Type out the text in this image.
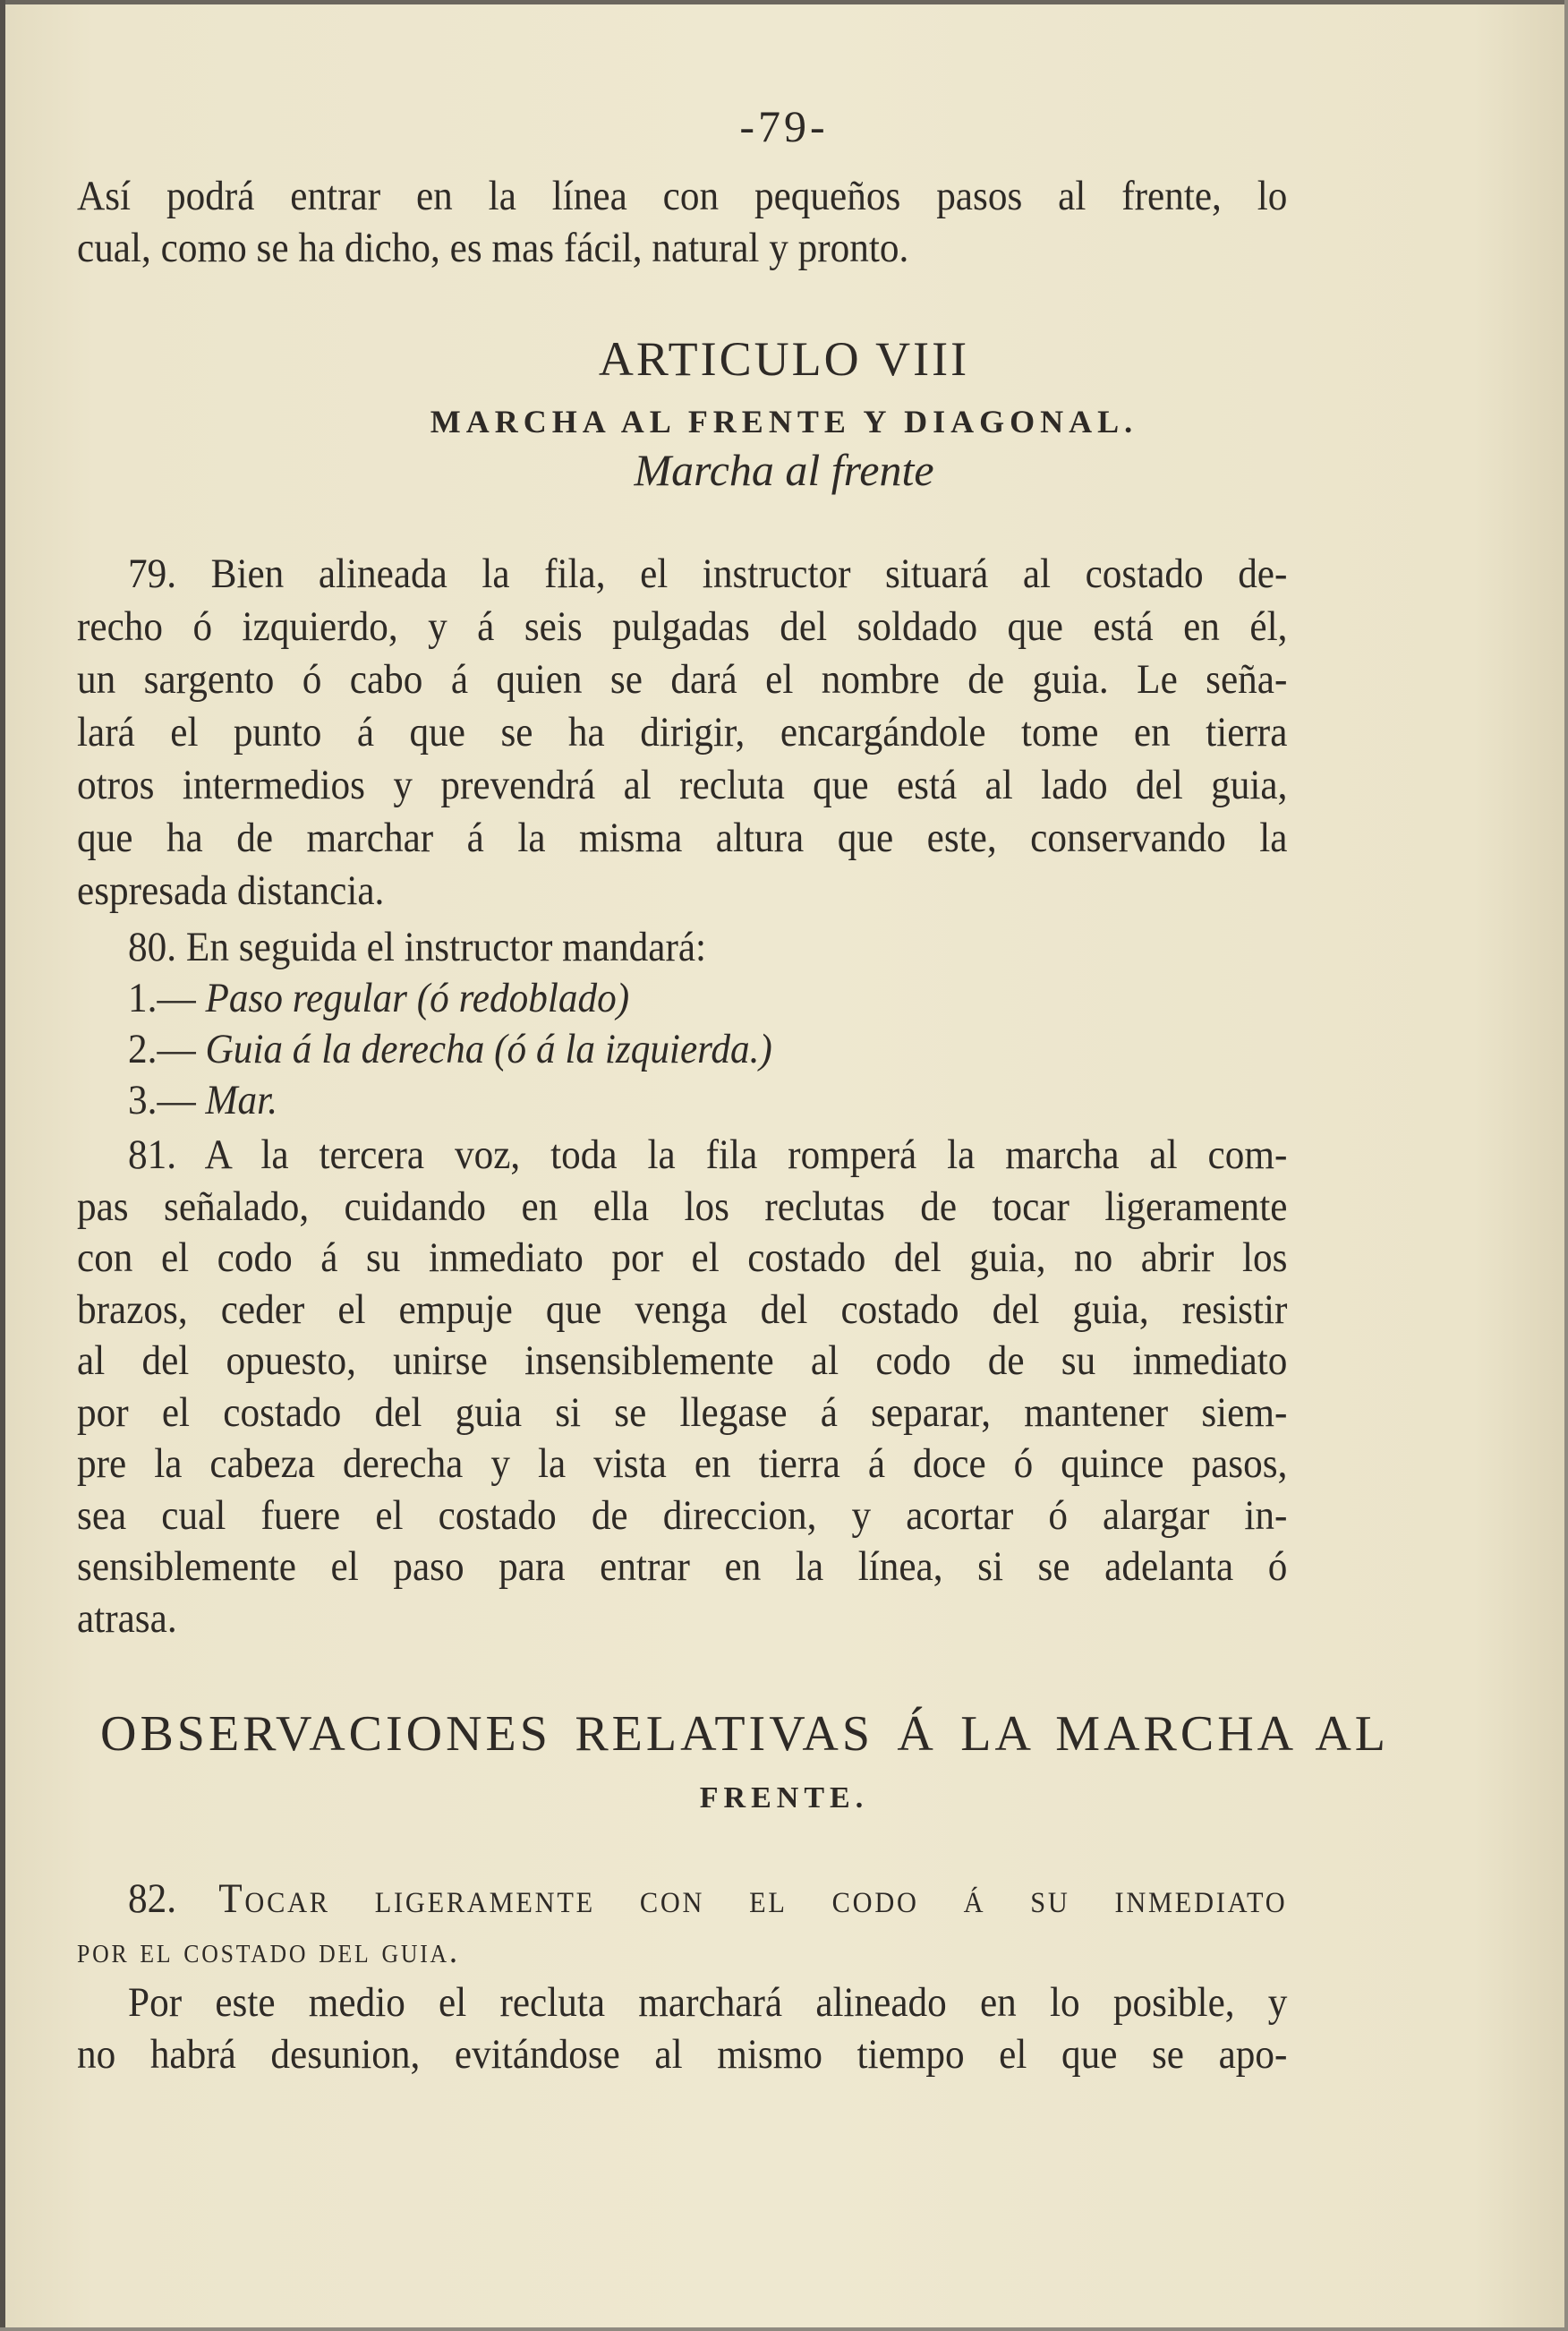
-79-
Así podrá entrar en la línea con pequeños pasos al frente, lo
cual, como se ha dicho, es mas fácil, natural y pronto.
ARTICULO VIII
MARCHA AL FRENTE Y DIAGONAL.
Marcha al frente
79. Bien alineada la fila, el instructor situará al costado de-
recho ó izquierdo, y á seis pulgadas del soldado que está en él,
un sargento ó cabo á quien se dará el nombre de guia. Le seña-
lará el punto á que se ha dirigir, encargándole tome en tierra
otros intermedios y prevendrá al recluta que está al lado del guia,
que ha de marchar á la misma altura que este, conservando la
espresada distancia.
80. En seguida el instructor mandará:
1.— Paso regular (ó redoblado)
2.— Guia á la derecha (ó á la izquierda.)
3.— Mar.
81. A la tercera voz, toda la fila romperá la marcha al com-
pas señalado, cuidando en ella los reclutas de tocar ligeramente
con el codo á su inmediato por el costado del guia, no abrir los
brazos, ceder el empuje que venga del costado del guia, resistir
al del opuesto, unirse insensiblemente al codo de su inmediato
por el costado del guia si se llegase á separar, mantener siem-
pre la cabeza derecha y la vista en tierra á doce ó quince pasos,
sea cual fuere el costado de direccion, y acortar ó alargar in-
sensiblemente el paso para entrar en la línea, si se adelanta ó
atrasa.
OBSERVACIONES RELATIVAS Á LA MARCHA AL
FRENTE.
82. Tocar ligeramente con el codo á su inmediato
por el costado del guia.
Por este medio el recluta marchará alineado en lo posible, y
no habrá desunion, evitándose al mismo tiempo el que se apo-
